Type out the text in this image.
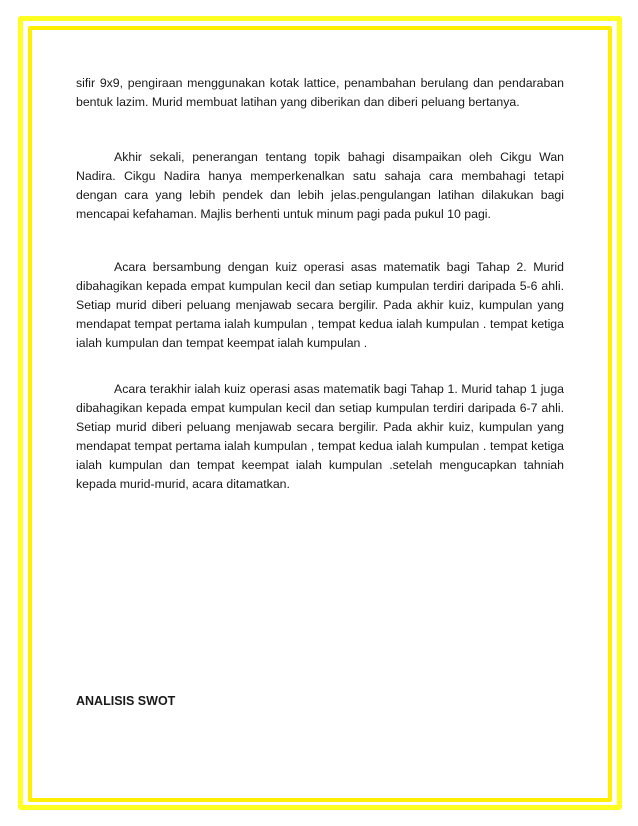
sifir 9x9, pengiraan menggunakan kotak lattice, penambahan berulang dan pendaraban bentuk lazim. Murid membuat latihan yang diberikan dan diberi peluang bertanya.

Akhir sekali, penerangan tentang topik bahagi disampaikan oleh Cikgu Wan Nadira. Cikgu Nadira hanya memperkenalkan satu sahaja cara membahagi tetapi dengan cara yang lebih pendek dan lebih jelas.pengulangan latihan dilakukan bagi mencapai kefahaman. Majlis berhenti untuk minum pagi pada pukul 10 pagi.

Acara bersambung dengan kuiz operasi asas matematik bagi Tahap 2. Murid dibahagikan kepada empat kumpulan kecil dan setiap kumpulan terdiri daripada 5-6 ahli. Setiap murid diberi peluang menjawab secara bergilir. Pada akhir kuiz, kumpulan yang mendapat tempat pertama ialah kumpulan , tempat kedua ialah kumpulan . tempat ketiga ialah kumpulan dan tempat keempat ialah kumpulan .

Acara terakhir ialah kuiz operasi asas matematik bagi Tahap 1. Murid tahap 1 juga dibahagikan kepada empat kumpulan kecil dan setiap kumpulan terdiri daripada 6-7 ahli. Setiap murid diberi peluang menjawab secara bergilir. Pada akhir kuiz, kumpulan yang mendapat tempat pertama ialah kumpulan , tempat kedua ialah kumpulan . tempat ketiga ialah kumpulan dan tempat keempat ialah kumpulan .setelah mengucapkan tahniah kepada murid-murid, acara ditamatkan.

ANALISIS SWOT
